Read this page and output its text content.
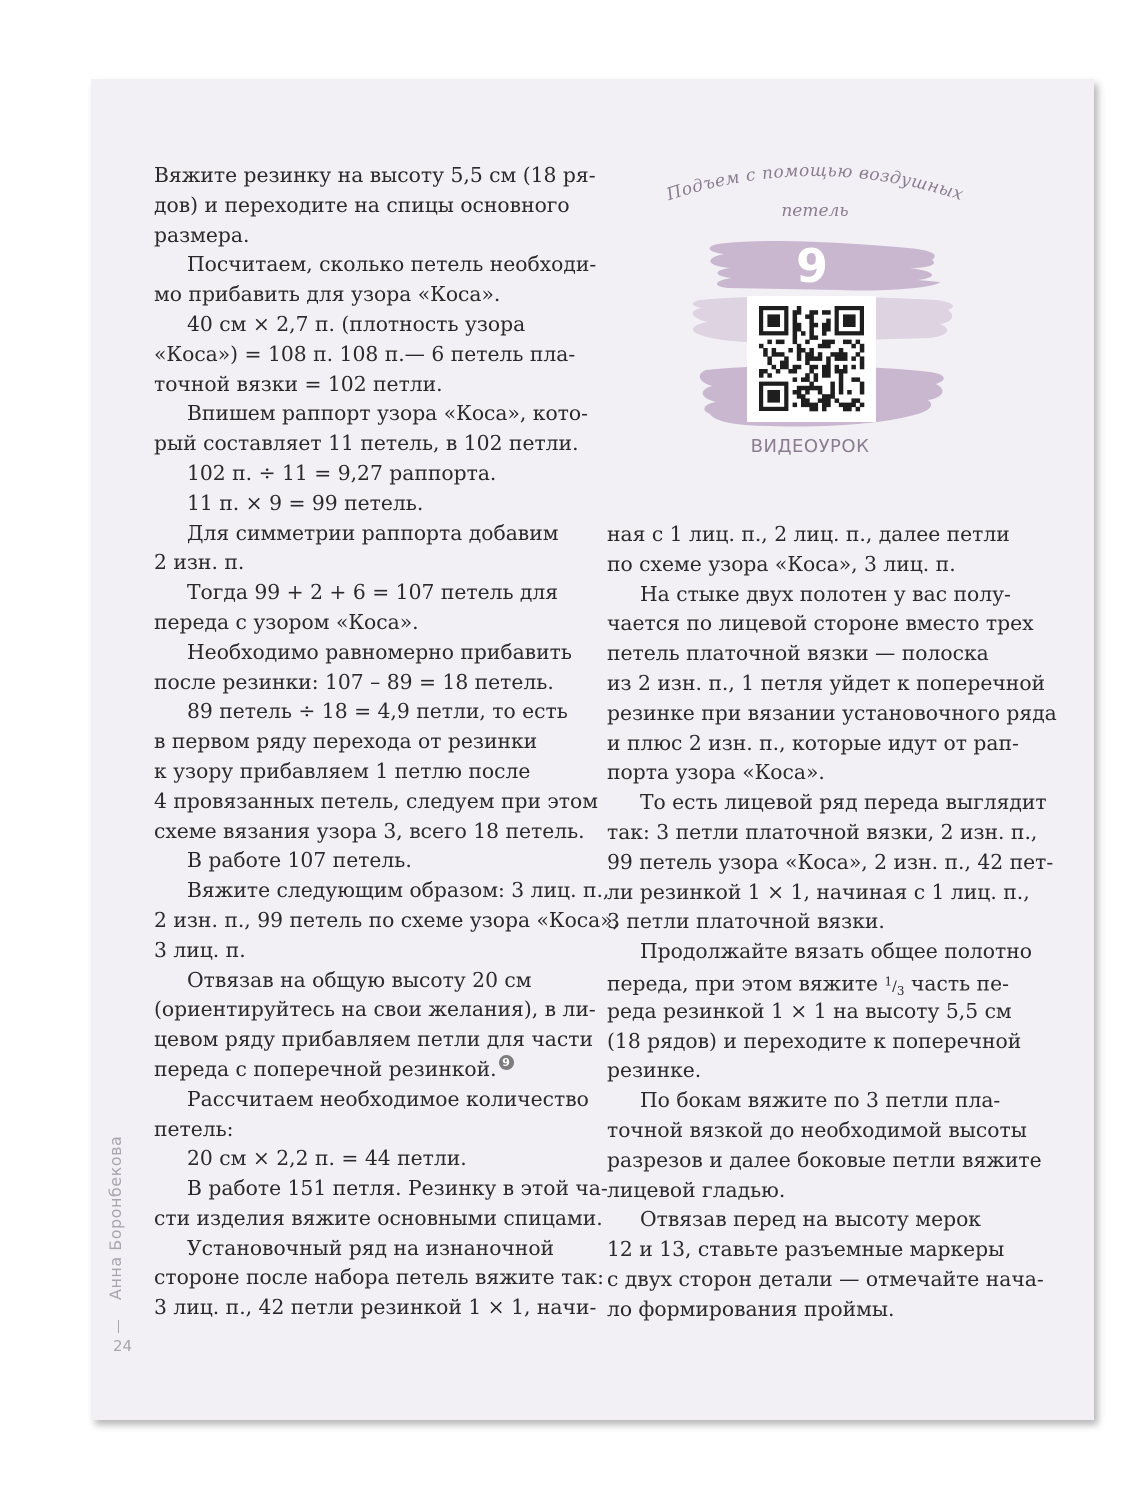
Вяжите резинку на высоту 5,5 см (18 ря-
дов) и переходите на спицы основного
размера.
Посчитаем, сколько петель необходи-
мо прибавить для узора «Коса».
40 см × 2,7 п. (плотность узора
«Коса») = 108 п. 108 п.— 6 петель пла-
точной вязки = 102 петли.
Впишем раппорт узора «Коса», кото-
рый составляет 11 петель, в 102 петли.
102 п. ÷ 11 = 9,27 раппорта.
11 п. × 9 = 99 петель.
Для симметрии раппорта добавим
2 изн. п.
Тогда 99 + 2 + 6 = 107 петель для
переда с узором «Коса».
Необходимо равномерно прибавить
после резинки: 107 – 89 = 18 петель.
89 петель ÷ 18 = 4,9 петли, то есть
в первом ряду перехода от резинки
к узору прибавляем 1 петлю после
4 провязанных петель, следуем при этом
схеме вязания узора 3, всего 18 петель.
В работе 107 петель.
Вяжите следующим образом: 3 лиц. п.,
2 изн. п., 99 петель по схеме узора «Коса»,
3 лиц. п.
Отвязав на общую высоту 20 см
(ориентируйтесь на свои желания), в ли-
цевом ряду прибавляем петли для части
переда с поперечной резинкой. 9
Рассчитаем необходимое количество
петель:
20 см × 2,2 п. = 44 петли.
В работе 151 петля. Резинку в этой ча-
сти изделия вяжите основными спицами.
Установочный ряд на изнаночной
стороне после набора петель вяжите так:
3 лиц. п., 42 петли резинкой 1 × 1, начи-
ная с 1 лиц. п., 2 лиц. п., далее петли
по схеме узора «Коса», 3 лиц. п.
На стыке двух полотен у вас полу-
чается по лицевой стороне вместо трех
петель платочной вязки — полоска
из 2 изн. п., 1 петля уйдет к поперечной
резинке при вязании установочного ряда
и плюс 2 изн. п., которые идут от рап-
порта узора «Коса».
То есть лицевой ряд переда выглядит
так: 3 петли платочной вязки, 2 изн. п.,
99 петель узора «Коса», 2 изн. п., 42 пет-
ли резинкой 1 × 1, начиная с 1 лиц. п.,
3 петли платочной вязки.
Продолжайте вязать общее полотно
переда, при этом вяжите $^1/_3$ часть пе-
реда резинкой 1 × 1 на высоту 5,5 см
(18 рядов) и переходите к поперечной
резинке.
По бокам вяжите по 3 петли пла-
точной вязкой до необходимой высоты
разрезов и далее боковые петли вяжите
лицевой гладью.
Отвязав перед на высоту мерок
12 и 13, ставьте разъемные маркеры
с двух сторон детали — отмечайте нача-
ло формирования проймы.
Подъем с помощью воздушных
петель
9
ВИДЕОУРОК
Анна Боронбекова
24
